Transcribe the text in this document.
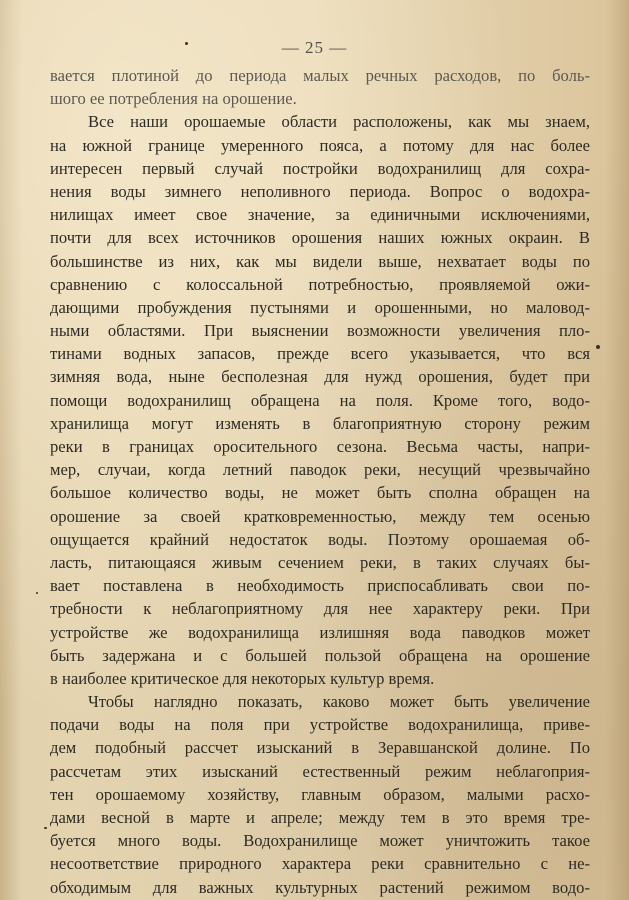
— 25 —
вается плотиной до периода малых речных расходов, по боль-
шого ее потребления на орошение.
Все наши орошаемые области расположены, как мы знаем,
на южной границе умеренного пояса, а потому для нас более
интересен первый случай постройки водохранилищ для сохра-
нения воды зимнего неполивного периода. Вопрос о водохра-
нилищах имеет свое значение, за единичными исключениями,
почти для всех источников орошения наших южных окраин. В
большинстве из них, как мы видели выше, нехватает воды по
сравнению с колоссальной потребностью, проявляемой ожи-
дающими пробуждения пустынями и орошенными, но маловод-
ными областями. При выяснении возможности увеличения пло-
тинами водных запасов, прежде всего указывается, что вся
зимняя вода, ныне бесполезная для нужд орошения, будет при
помощи водохранилищ обращена на поля. Кроме того, водо-
хранилища могут изменять в благоприятную сторону режим
реки в границах оросительного сезона. Весьма часты, напри-
мер, случаи, когда летний паводок реки, несущий чрезвычайно
большое количество воды, не может быть сполна обращен на
орошение за своей кратковременностью, между тем осенью
ощущается крайний недостаток воды. Поэтому орошаемая об-
ласть, питающаяся живым сечением реки, в таких случаях бы-
вает поставлена в необходимость приспосабливать свои по-
требности к неблагоприятному для нее характеру реки. При
устройстве же водохранилища излишняя вода паводков может
быть задержана и с большей пользой обращена на орошение
в наиболее критическое для некоторых культур время.
Чтобы наглядно показать, каково может быть увеличение
подачи воды на поля при устройстве водохранилища, приве-
дем подобный рассчет изысканий в Зеравшанской долине. По
рассчетам этих изысканий естественный режим неблагоприя-
тен орошаемому хозяйству, главным образом, малыми расхо-
дами весной в марте и апреле; между тем в это время тре-
буется много воды. Водохранилище может уничтожить такое
несоответствие природного характера реки сравнительно с не-
обходимым для важных культурных растений режимом водо-
